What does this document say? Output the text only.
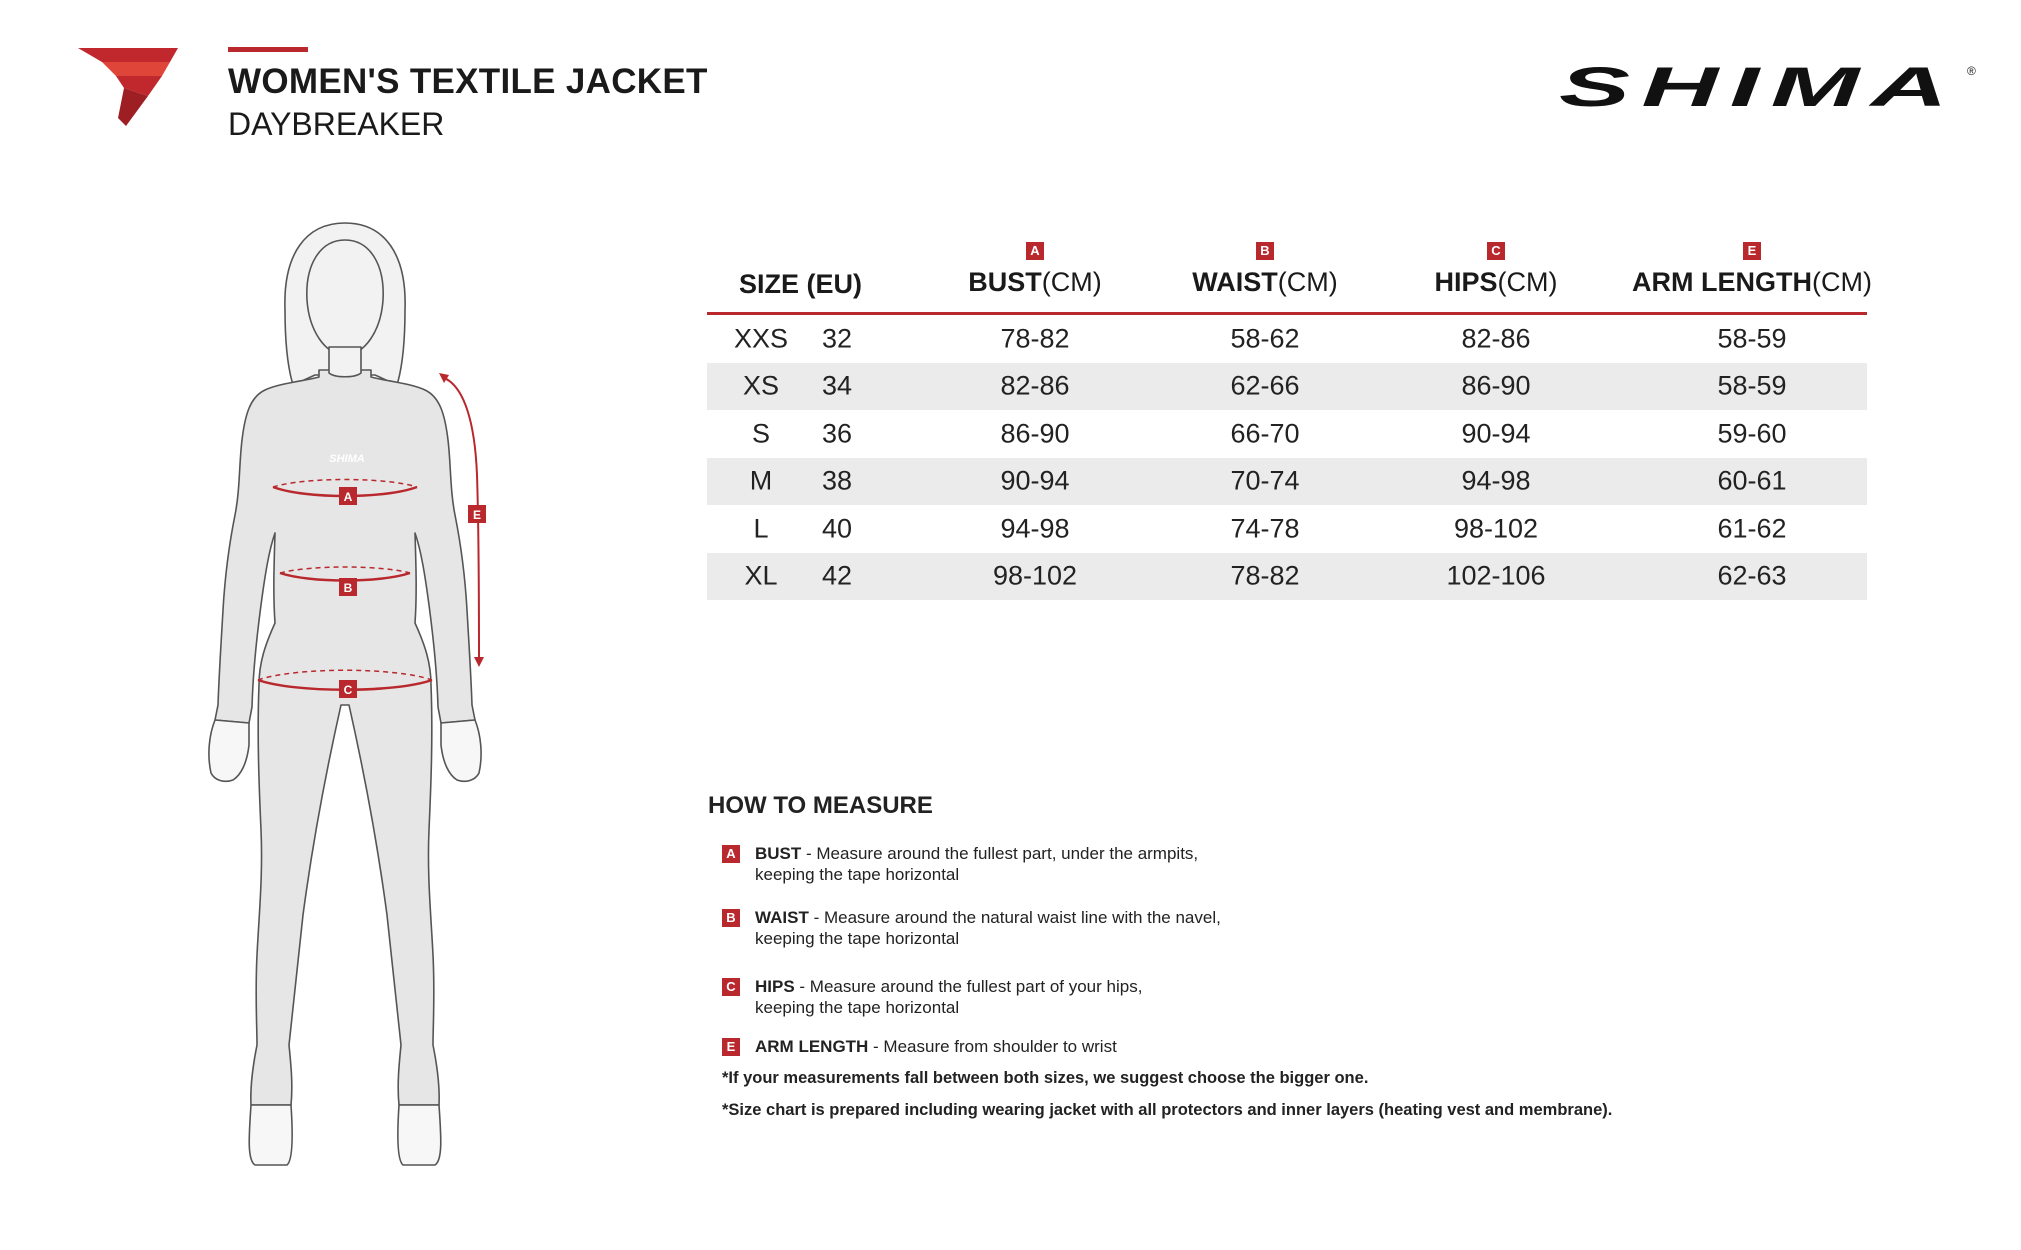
WOMEN'S TEXTILE JACKET
DAYBREAKER
SHIMA ®
SHIMA
A
B
C
E
SIZE (EU)
A
BUST(CM)
B
WAIST(CM)
C
HIPS(CM)
E
ARM LENGTH(CM)
XXS 32	78-82	58-62	82-86	58-59
XS 34	82-86	62-66	86-90	58-59
S 36	86-90	66-70	90-94	59-60
M 38	90-94	70-74	94-98	60-61
L 40	94-98	74-78	98-102	61-62
XL 42	98-102	78-82	102-106	62-63
HOW TO MEASURE
A BUST - Measure around the fullest part, under the armpits,
keeping the tape horizontal
B WAIST - Measure around the natural waist line with the navel,
keeping the tape horizontal
C HIPS - Measure around the fullest part of your hips,
keeping the tape horizontal
E ARM LENGTH - Measure from shoulder to wrist
*If your measurements fall between both sizes, we suggest choose the bigger one.
*Size chart is prepared including wearing jacket with all protectors and inner layers (heating vest and membrane).
